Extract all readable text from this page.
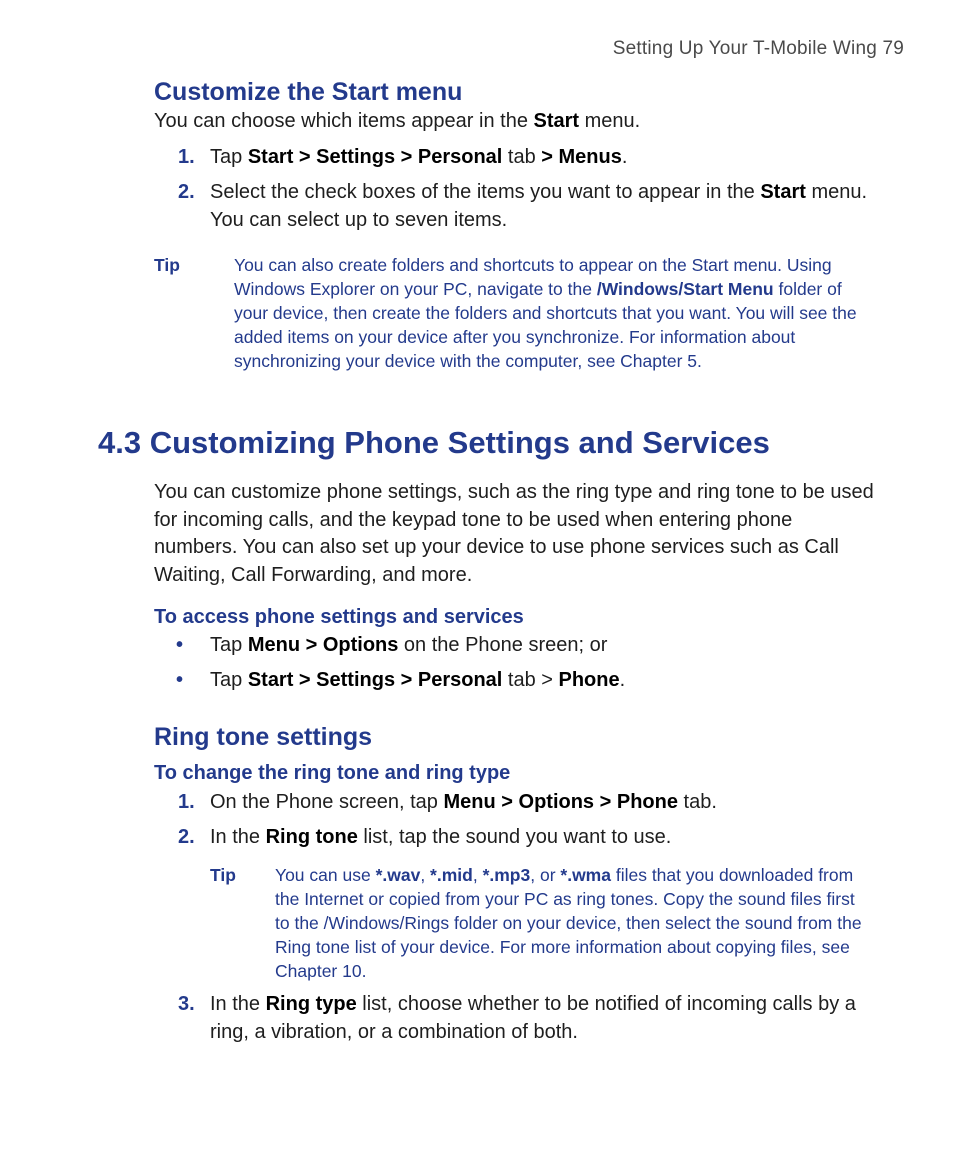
Setting Up Your T-Mobile Wing 79
Customize the Start menu
You can choose which items appear in the Start menu.
1. Tap Start > Settings > Personal tab > Menus.
2. Select the check boxes of the items you want to appear in the Start menu. You can select up to seven items.
Tip	You can also create folders and shortcuts to appear on the Start menu. Using Windows Explorer on your PC, navigate to the /Windows/Start Menu folder of your device, then create the folders and shortcuts that you want. You will see the added items on your device after you synchronize. For information about synchronizing your device with the computer, see Chapter 5.
4.3 Customizing Phone Settings and Services
You can customize phone settings, such as the ring type and ring tone to be used for incoming calls, and the keypad tone to be used when entering phone numbers. You can also set up your device to use phone services such as Call Waiting, Call Forwarding, and more.
To access phone settings and services
• Tap Menu > Options on the Phone sreen; or
• Tap Start > Settings > Personal tab > Phone.
Ring tone settings
To change the ring tone and ring type
1. On the Phone screen, tap Menu > Options > Phone tab.
2. In the Ring tone list, tap the sound you want to use.
Tip You can use *.wav, *.mid, *.mp3, or *.wma files that you downloaded from the Internet or copied from your PC as ring tones. Copy the sound files first to the /Windows/Rings folder on your device, then select the sound from the Ring tone list of your device. For more information about copying files, see Chapter 10.
3. In the Ring type list, choose whether to be notified of incoming calls by a ring, a vibration, or a combination of both.
